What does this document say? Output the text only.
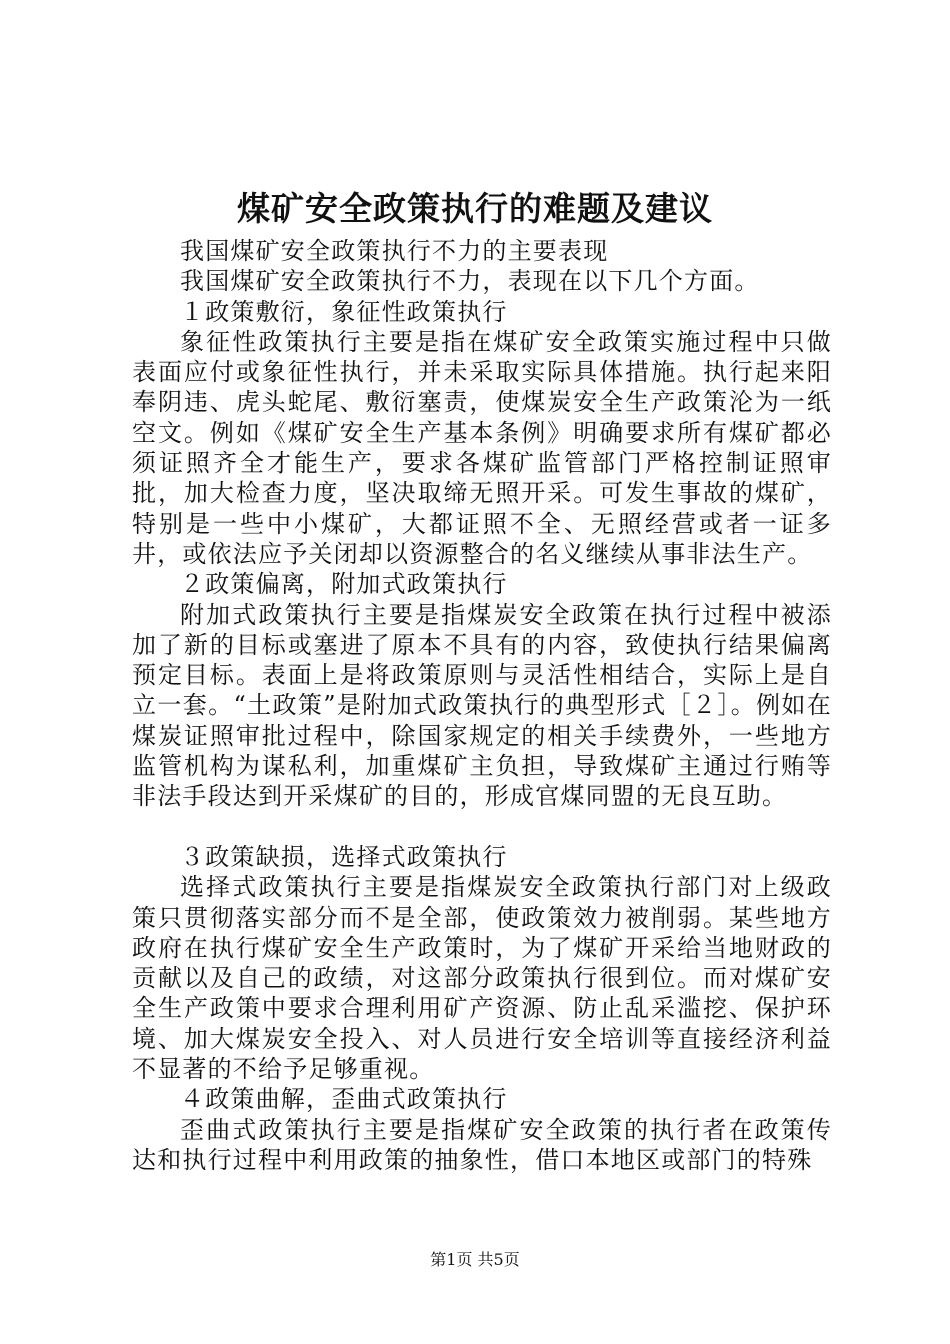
煤矿安全政策执行的难题及建议

我国煤矿安全政策执行不力的主要表现

我国煤矿安全政策执行不力，表现在以下几个方面。

１政策敷衍，象征性政策执行

象征性政策执行主要是指在煤矿安全政策实施过程中只做表面应付或象征性执行，并未采取实际具体措施。执行起来阳奉阴违、虎头蛇尾、敷衍塞责，使煤炭安全生产政策沦为一纸空文。例如《煤矿安全生产基本条例》明确要求所有煤矿都必须证照齐全才能生产，要求各煤矿监管部门严格控制证照审批，加大检查力度，坚决取缔无照开采。可发生事故的煤矿，特别是一些中小煤矿，大都证照不全、无照经营或者一证多井，或依法应予关闭却以资源整合的名义继续从事非法生产。

２政策偏离，附加式政策执行

附加式政策执行主要是指煤炭安全政策在执行过程中被添加了新的目标或塞进了原本不具有的内容，致使执行结果偏离预定目标。表面上是将政策原则与灵活性相结合，实际上是自立一套。“土政策”是附加式政策执行的典型形式［２］。例如在煤炭证照审批过程中，除国家规定的相关手续费外，一些地方监管机构为谋私利，加重煤矿主负担，导致煤矿主通过行贿等非法手段达到开采煤矿的目的，形成官煤同盟的无良互助。

３政策缺损，选择式政策执行

选择式政策执行主要是指煤炭安全政策执行部门对上级政策只贯彻落实部分而不是全部，使政策效力被削弱。某些地方政府在执行煤矿安全生产政策时，为了煤矿开采给当地财政的贡献以及自己的政绩，对这部分政策执行很到位。而对煤矿安全生产政策中要求合理利用矿产资源、防止乱采滥挖、保护环境、加大煤炭安全投入、对人员进行安全培训等直接经济利益不显著的不给予足够重视。

４政策曲解，歪曲式政策执行

歪曲式政策执行主要是指煤矿安全政策的执行者在政策传达和执行过程中利用政策的抽象性，借口本地区或部门的特殊

第1页 共5页
